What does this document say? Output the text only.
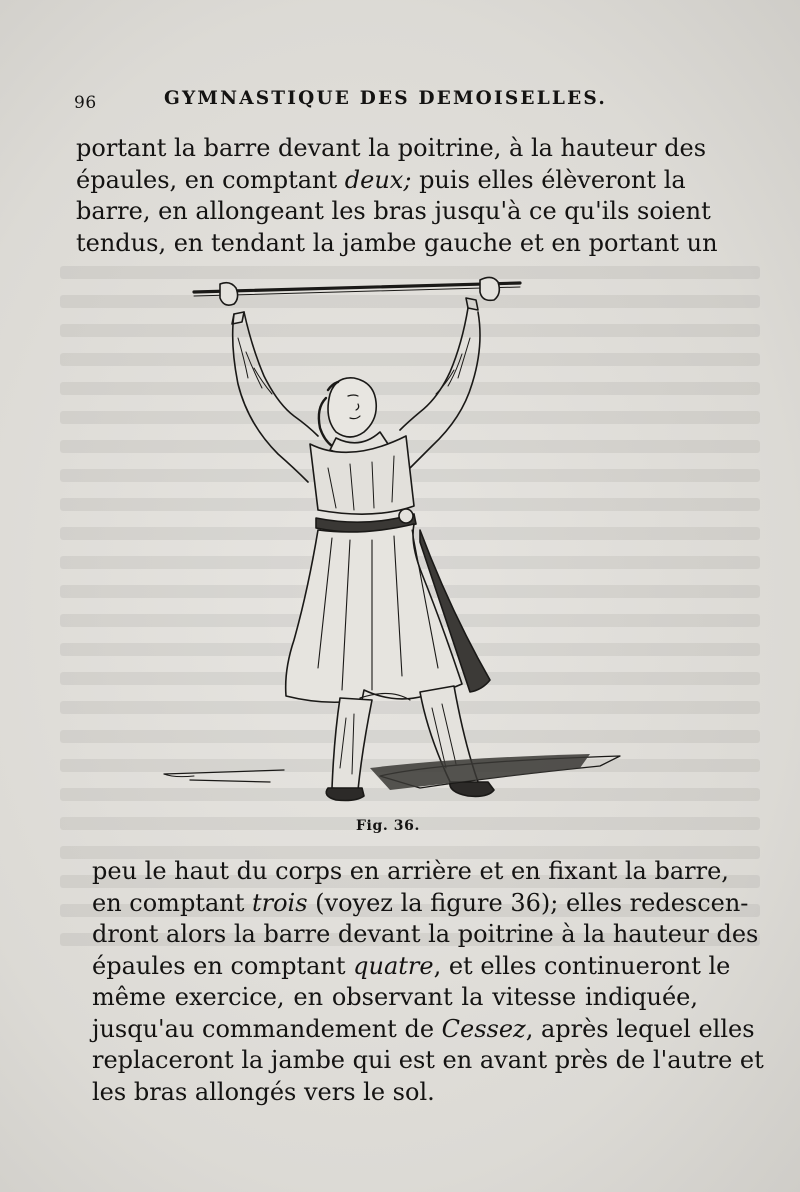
96	GYMNASTIQUE DES DEMOISELLES.

portant la barre devant la poitrine, à la hauteur des
épaules, en comptant deux; puis elles élèveront la
barre, en allongeant les bras jusqu'à ce qu'ils soient
tendus, en tendant la jambe gauche et en portant un

Fig. 36.

peu le haut du corps en arrière et en fixant la barre,
en comptant trois (voyez la figure 36); elles redescen-
dront alors la barre devant la poitrine à la hauteur des
épaules en comptant quatre, et elles continueront le
même exercice, en observant la vitesse indiquée,
jusqu'au commandement de Cessez, après lequel elles
replaceront la jambe qui est en avant près de l'autre et
les bras allongés vers le sol.
